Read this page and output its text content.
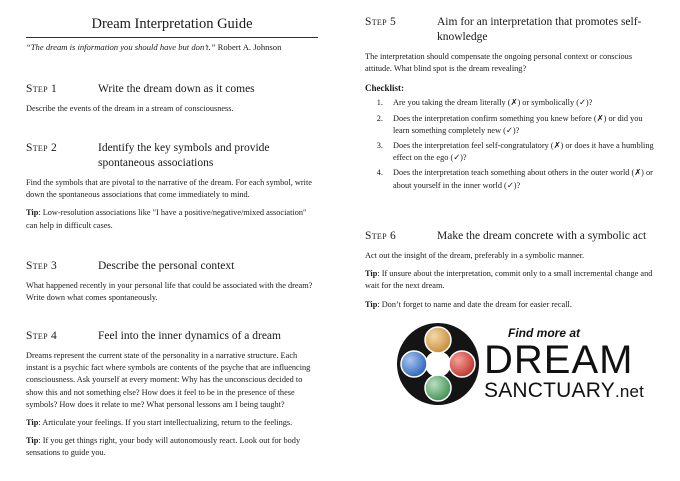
Dream Interpretation Guide
“The dream is information you should have but don’t.” Robert A. Johnson
Step 1	Write the dream down as it comes
Describe the events of the dream in a stream of consciousness.
Step 2	Identify the key symbols and provide spontaneous associations
Find the symbols that are pivotal to the narrative of the dream. For each symbol, write down the spontaneous associations that come immediately to mind.
Tip: Low-resolution associations like "I have a positive/negative/mixed association" can help in difficult cases.
Step 3	Describe the personal context
What happened recently in your personal life that could be associated with the dream? Write down what comes spontaneously.
Step 4	Feel into the inner dynamics of a dream
Dreams represent the current state of the personality in a narrative structure. Each instant is a psychic fact where symbols are contents of the psyche that are influencing consciousness. Ask yourself at every moment: Why has the unconscious decided to show this and not something else? How does it feel to be in the presence of these symbols? How does it relate to me? What personal lessons am I being taught?
Tip: Articulate your feelings. If you start intellectualizing, return to the feelings.
Tip: If you get things right, your body will autonomously react. Look out for body sensations to guide you.
Step 5	Aim for an interpretation that promotes self-knowledge
The interpretation should compensate the ongoing personal context or conscious attitude. What blind spot is the dream revealing?
Checklist:
1.	Are you taking the dream literally (✗) or symbolically (✓)?
2.	Does the interpretation confirm something you knew before (✗) or did you learn something completely new (✓)?
3.	Does the interpretation feel self-congratulatory (✗) or does it have a humbling effect on the ego (✓)?
4.	Does the interpretation teach something about others in the outer world (✗) or about yourself in the inner world (✓)?
Step 6	Make the dream concrete with a symbolic act
Act out the insight of the dream, preferably in a symbolic manner.
Tip: If unsure about the interpretation, commit only to a small incremental change and wait for the next dream.
Tip: Don’t forget to name and date the dream for easier recall.
Find more at
DREAM
SANCTUARY.net
